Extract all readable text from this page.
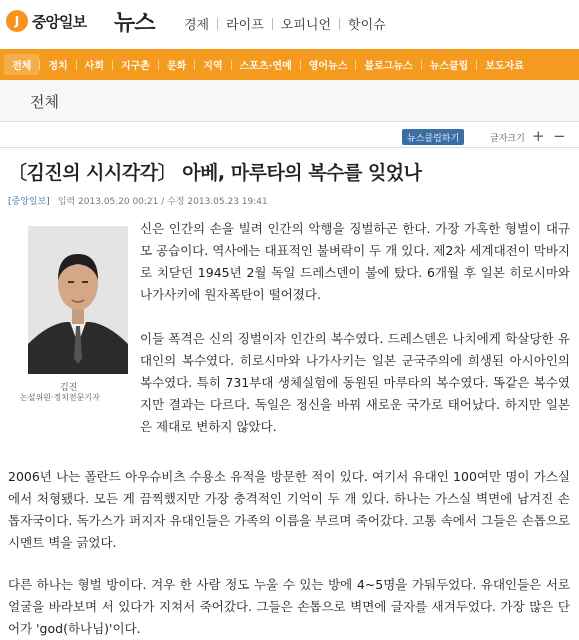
J 중앙일보 뉴스	경제	라이프	오피니언	핫이슈
전체	정치	사회	지구촌	문화	지역	스포츠·연예	영어뉴스	블로그뉴스	뉴스클립	보도자료
전체
뉴스클립하기	글자크기 + −
〔김진의 시시각각〕 아베, 마루타의 복수를 잊었나
[중앙일보] 입력 2013.05.20 00:21 / 수정 2013.05.23 19:41
김진
논설위원·정치전문기자

신은 인간의 손을 빌려 인간의 악행을 징벌하곤 한다. 가장 가혹한 형벌이 대규모 공습이다. 역사에는 대표적인 불벼락이 두 개 있다. 제2차 세계대전이 막바지로 치닫던 1945년 2월 독일 드레스덴이 불에 탔다. 6개월 후 일본 히로시마와 나가사키에 원자폭탄이 떨어졌다.

이들 폭격은 신의 징벌이자 인간의 복수였다. 드레스덴은 나치에게 학살당한 유대인의 복수였다. 히로시마와 나가사키는 일본 군국주의에 희생된 아시아인의 복수였다. 특히 731부대 생체실험에 동원된 마루타의 복수였다. 똑같은 복수였지만 결과는 다르다. 독일은 정신을 바꿔 새로운 국가로 태어났다. 하지만 일본은 제대로 변하지 않았다.

2006년 나는 폴란드 아우슈비츠 수용소 유적을 방문한 적이 있다. 여기서 유대인 100여만 명이 가스실에서 처형됐다. 모든 게 끔찍했지만 가장 충격적인 기억이 두 개 있다. 하나는 가스실 벽면에 남겨진 손톱자국이다. 독가스가 퍼지자 유대인들은 가족의 이름을 부르며 죽어갔다. 고통 속에서 그들은 손톱으로 시멘트 벽을 긁었다.

다른 하나는 형벌 방이다. 겨우 한 사람 정도 누울 수 있는 방에 4~5명을 가둬두었다. 유대인들은 서로 얼굴을 바라보며 서 있다가 지쳐서 죽어갔다. 그들은 손톱으로 벽면에 글자를 새겨두었다. 가장 많은 단어가 'god(하나님)'이다.
